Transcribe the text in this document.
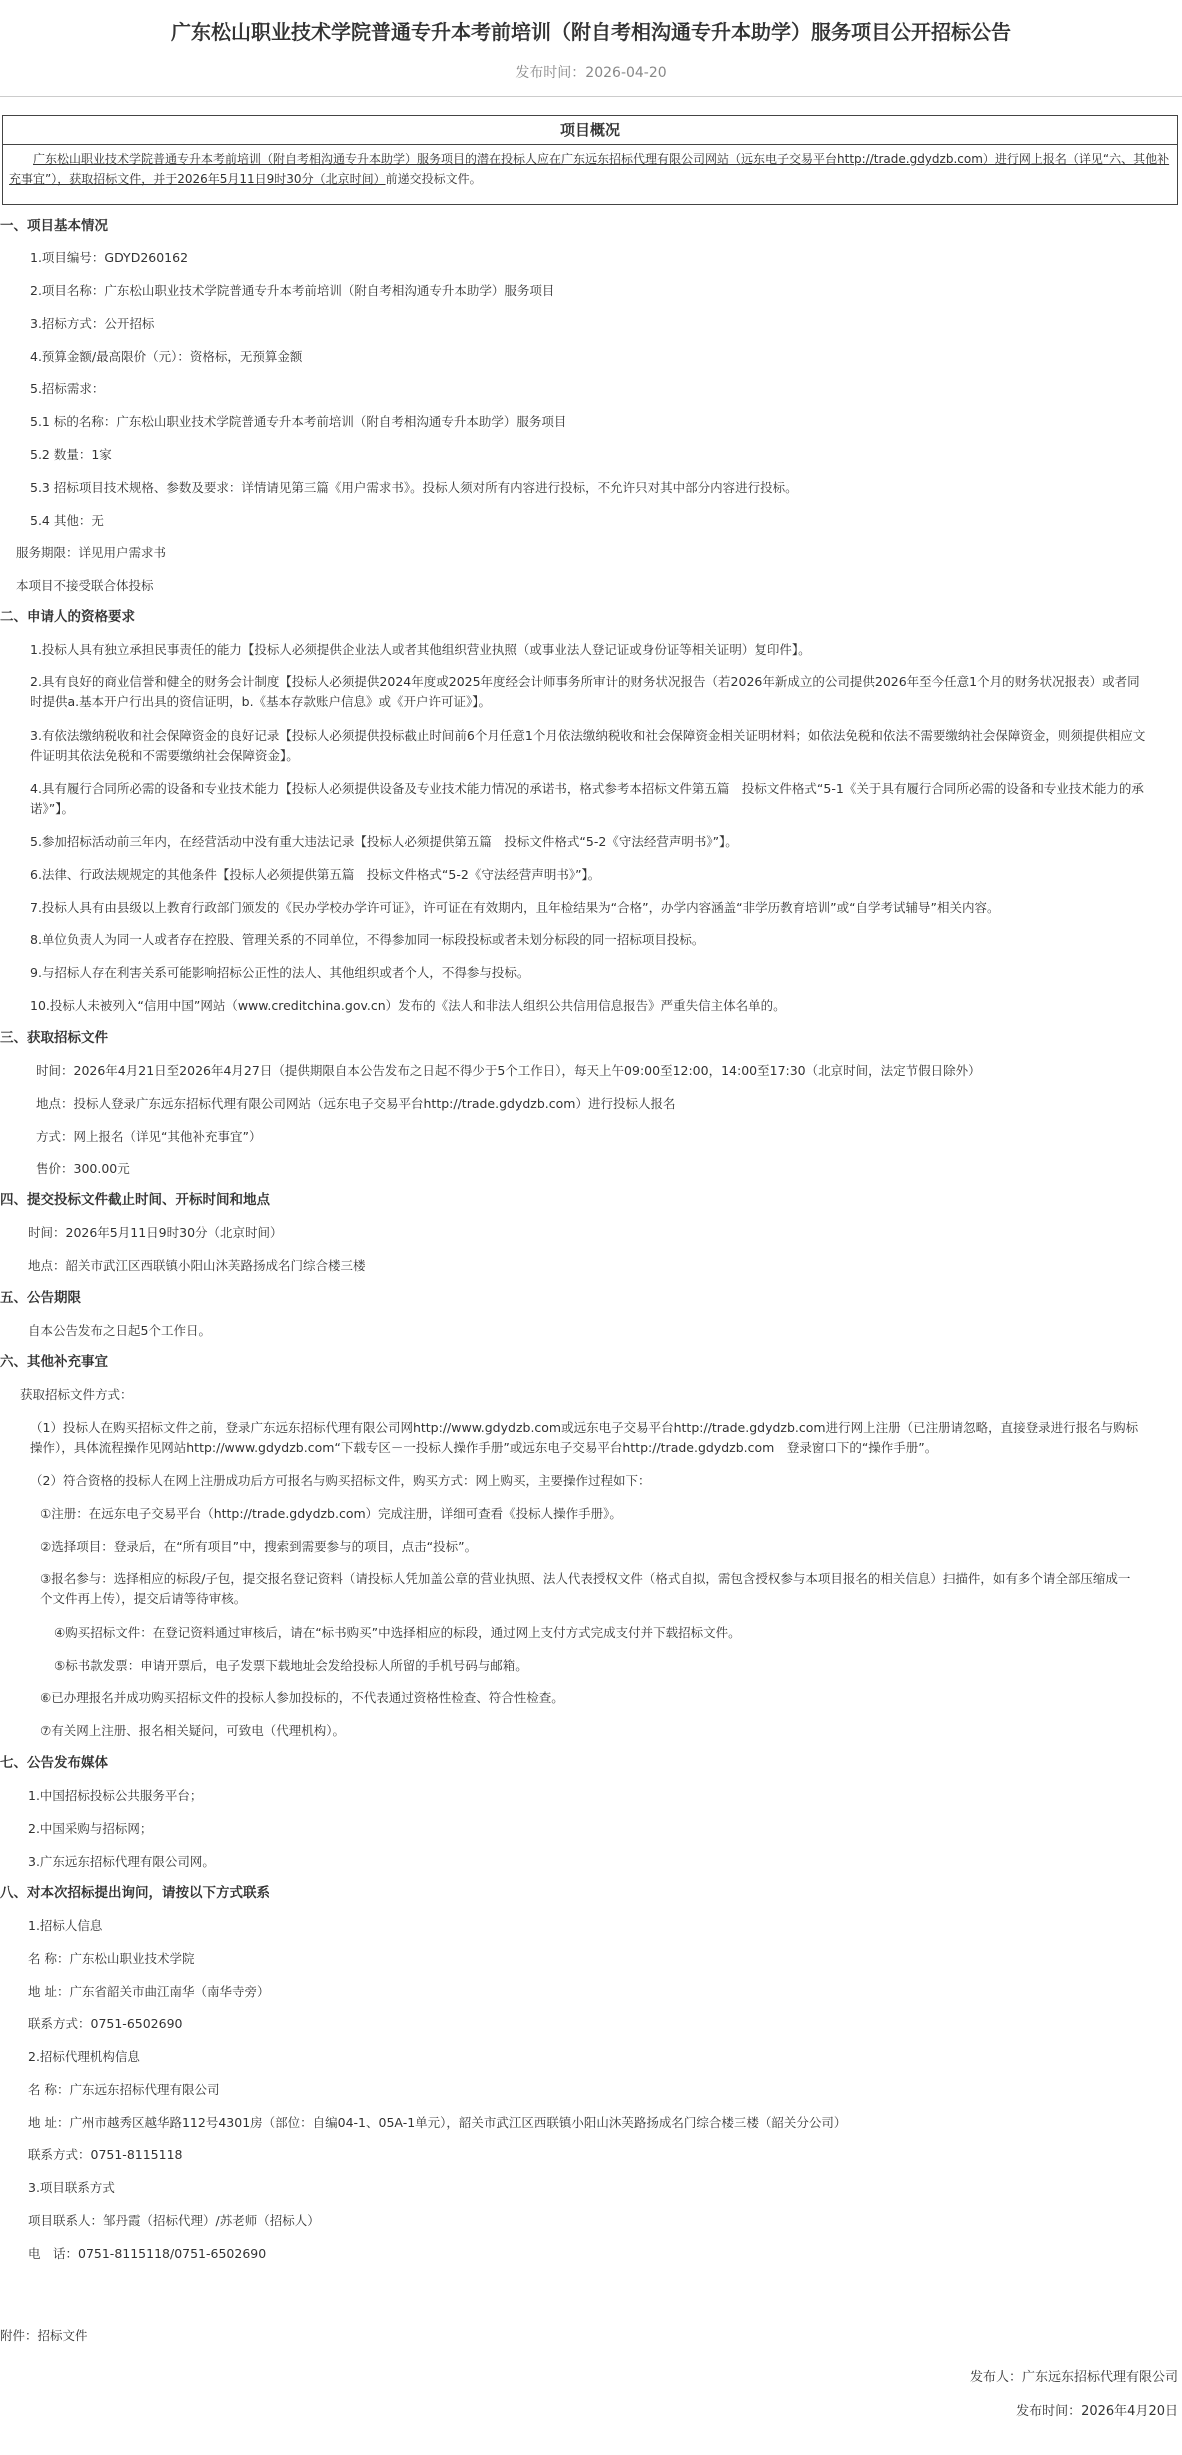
广东松山职业技术学院普通专升本考前培训（附自考相沟通专升本助学）服务项目公开招标公告
发布时间：2026-04-20
项目概况
广东松山职业技术学院普通专升本考前培训（附自考相沟通专升本助学）服务项目的潜在投标人应在广东远东招标代理有限公司网站（远东电子交易平台http://trade.gdydzb.com）进行网上报名（详见“六、其他补充事宜”），获取招标文件，并于2026年5月11日9时30分（北京时间）前递交投标文件。
一、项目基本情况
1.项目编号：GDYD260162
2.项目名称：广东松山职业技术学院普通专升本考前培训（附自考相沟通专升本助学）服务项目
3.招标方式：公开招标
4.预算金额/最高限价（元）：资格标，无预算金额
5.招标需求：
5.1 标的名称：广东松山职业技术学院普通专升本考前培训（附自考相沟通专升本助学）服务项目
5.2 数量：1家
5.3 招标项目技术规格、参数及要求：详情请见第三篇《用户需求书》。投标人须对所有内容进行投标，不允许只对其中部分内容进行投标。
5.4 其他：无
服务期限：详见用户需求书
本项目不接受联合体投标
二、申请人的资格要求
1.投标人具有独立承担民事责任的能力【投标人必须提供企业法人或者其他组织营业执照（或事业法人登记证或身份证等相关证明）复印件】。
2.具有良好的商业信誉和健全的财务会计制度【投标人必须提供2024年度或2025年度经会计师事务所审计的财务状况报告（若2026年新成立的公司提供2026年至今任意1个月的财务状况报表）或者同时提供a.基本开户行出具的资信证明，b.《基本存款账户信息》或《开户许可证》】。
3.有依法缴纳税收和社会保障资金的良好记录【投标人必须提供投标截止时间前6个月任意1个月依法缴纳税收和社会保障资金相关证明材料；如依法免税和依法不需要缴纳社会保障资金，则须提供相应文件证明其依法免税和不需要缴纳社会保障资金】。
4.具有履行合同所必需的设备和专业技术能力【投标人必须提供设备及专业技术能力情况的承诺书，格式参考本招标文件第五篇　投标文件格式“5-1《关于具有履行合同所必需的设备和专业技术能力的承诺》”】。
5.参加招标活动前三年内，在经营活动中没有重大违法记录【投标人必须提供第五篇　投标文件格式“5-2《守法经营声明书》”】。
6.法律、行政法规规定的其他条件【投标人必须提供第五篇　投标文件格式“5-2《守法经营声明书》”】。
7.投标人具有由县级以上教育行政部门颁发的《民办学校办学许可证》，许可证在有效期内，且年检结果为“合格”，办学内容涵盖“非学历教育培训”或“自学考试辅导”相关内容。
8.单位负责人为同一人或者存在控股、管理关系的不同单位，不得参加同一标段投标或者未划分标段的同一招标项目投标。
9.与招标人存在利害关系可能影响招标公正性的法人、其他组织或者个人，不得参与投标。
10.投标人未被列入“信用中国”网站（www.creditchina.gov.cn）发布的《法人和非法人组织公共信用信息报告》严重失信主体名单的。
三、获取招标文件
时间：2026年4月21日至2026年4月27日（提供期限自本公告发布之日起不得少于5个工作日），每天上午09:00至12:00，14:00至17:30（北京时间，法定节假日除外）
地点：投标人登录广东远东招标代理有限公司网站（远东电子交易平台http://trade.gdydzb.com）进行投标人报名
方式：网上报名（详见“其他补充事宜”）
售价：300.00元
四、提交投标文件截止时间、开标时间和地点
时间：2026年5月11日9时30分（北京时间）
地点：韶关市武江区西联镇小阳山沐芙路扬成名门综合楼三楼
五、公告期限
自本公告发布之日起5个工作日。
六、其他补充事宜
获取招标文件方式：
（1）投标人在购买招标文件之前，登录广东远东招标代理有限公司网http://www.gdydzb.com或远东电子交易平台http://trade.gdydzb.com进行网上注册（已注册请忽略，直接登录进行报名与购标操作），具体流程操作见网站http://www.gdydzb.com“下载专区－一投标人操作手册”或远东电子交易平台http://trade.gdydzb.com　登录窗口下的“操作手册”。
（2）符合资格的投标人在网上注册成功后方可报名与购买招标文件，购买方式：网上购买，主要操作过程如下：
①注册：在远东电子交易平台（http://trade.gdydzb.com）完成注册，详细可查看《投标人操作手册》。
②选择项目：登录后，在“所有项目”中，搜索到需要参与的项目，点击“投标”。
③报名参与：选择相应的标段/子包，提交报名登记资料（请投标人凭加盖公章的营业执照、法人代表授权文件（格式自拟，需包含授权参与本项目报名的相关信息）扫描件，如有多个请全部压缩成一个文件再上传），提交后请等待审核。
④购买招标文件：在登记资料通过审核后，请在“标书购买”中选择相应的标段，通过网上支付方式完成支付并下载招标文件。
⑤标书款发票：申请开票后，电子发票下载地址会发给投标人所留的手机号码与邮箱。
⑥已办理报名并成功购买招标文件的投标人参加投标的，不代表通过资格性检查、符合性检查。
⑦有关网上注册、报名相关疑问，可致电（代理机构）。
七、公告发布媒体
1.中国招标投标公共服务平台；
2.中国采购与招标网；
3.广东远东招标代理有限公司网。
八、对本次招标提出询问，请按以下方式联系
1.招标人信息
名 称：广东松山职业技术学院
地 址：广东省韶关市曲江南华（南华寺旁）
联系方式：0751-6502690
2.招标代理机构信息
名 称：广东远东招标代理有限公司
地 址：广州市越秀区越华路112号4301房（部位：自编04-1、05A-1单元），韶关市武江区西联镇小阳山沐芙路扬成名门综合楼三楼（韶关分公司）
联系方式：0751-8115118
3.项目联系方式
项目联系人：邹丹霞（招标代理）/苏老师（招标人）
电　话：0751-8115118/0751-6502690
附件：招标文件
发布人：广东远东招标代理有限公司
发布时间：2026年4月20日
